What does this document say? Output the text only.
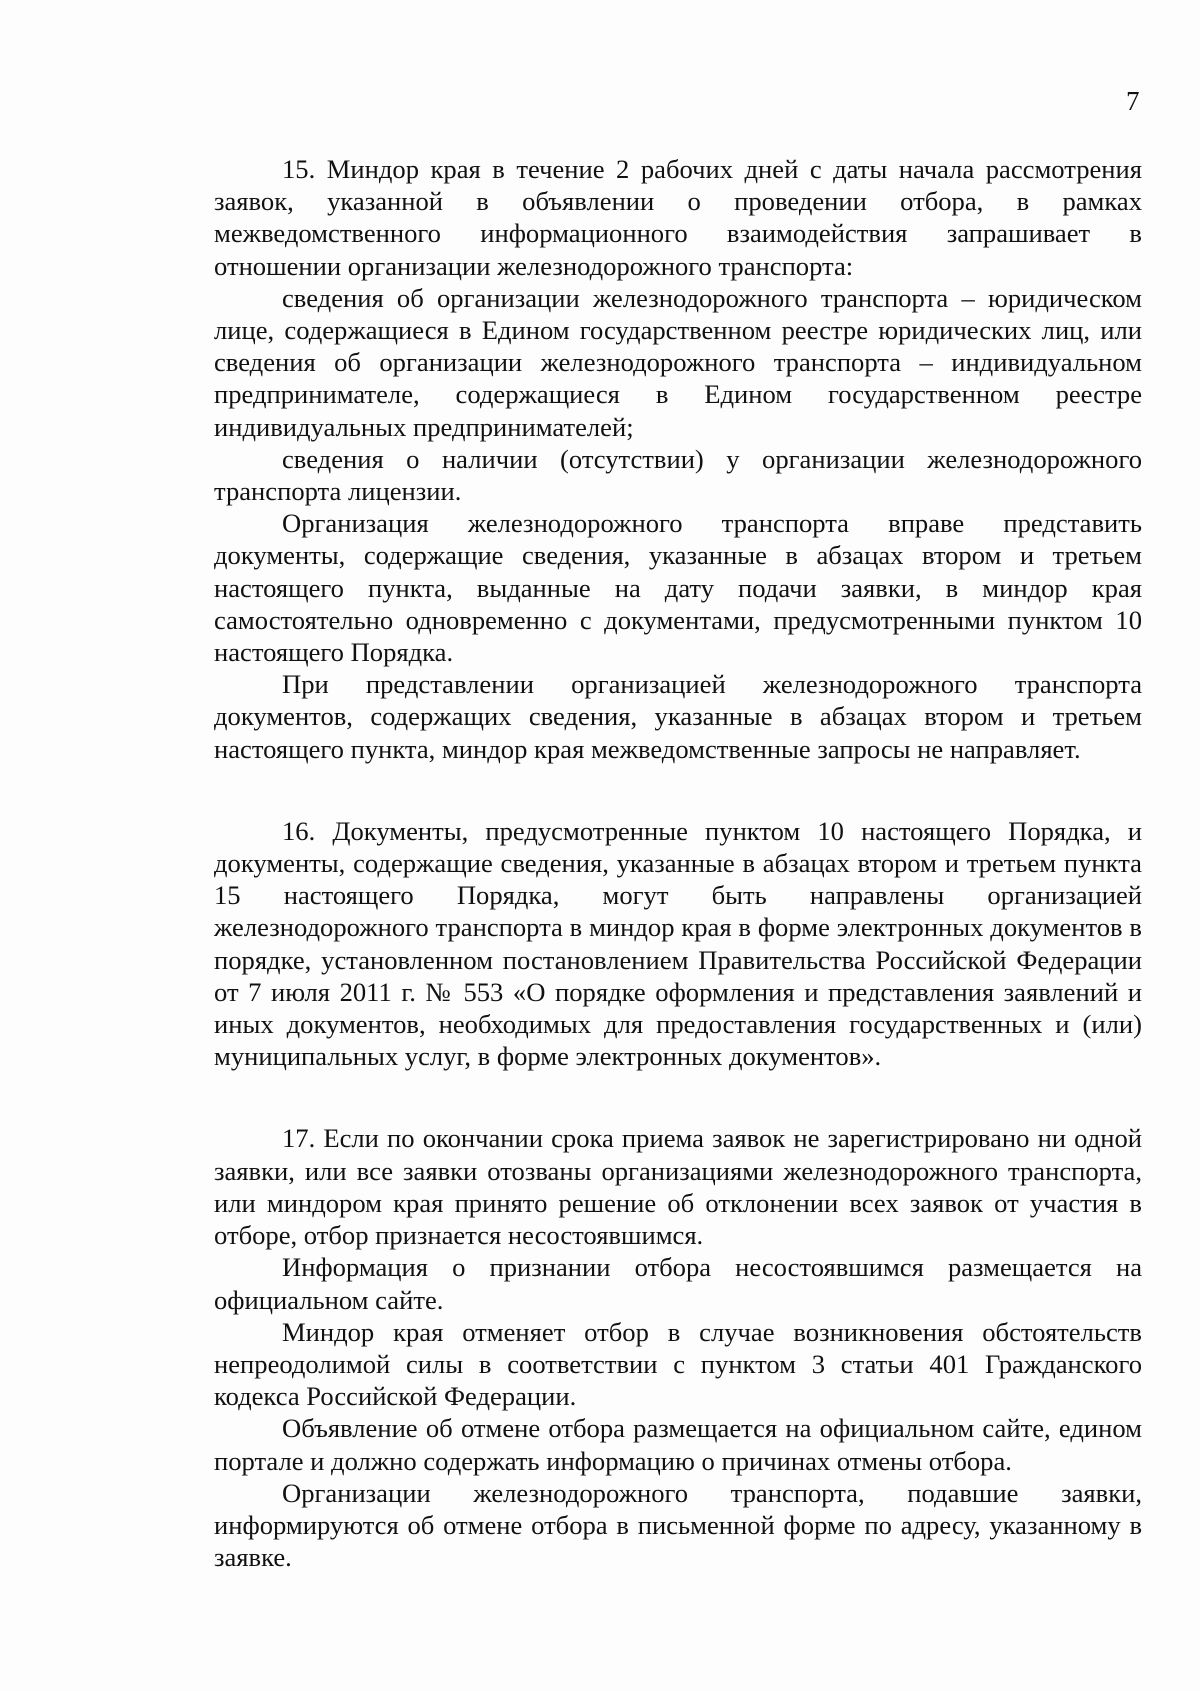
7

15. Миндор края в течение 2 рабочих дней с даты начала рассмотрения заявок, указанной в объявлении о проведении отбора, в рамках межведомственного информационного взаимодействия запрашивает в отношении организации железнодорожного транспорта:

сведения об организации железнодорожного транспорта – юридическом лице, содержащиеся в Едином государственном реестре юридических лиц, или сведения об организации железнодорожного транспорта – индивидуальном предпринимателе, содержащиеся в Едином государственном реестре индивидуальных предпринимателей;

сведения о наличии (отсутствии) у организации железнодорожного транспорта лицензии.

Организация железнодорожного транспорта вправе представить документы, содержащие сведения, указанные в абзацах втором и третьем настоящего пункта, выданные на дату подачи заявки, в миндор края самостоятельно одновременно с документами, предусмотренными пунктом 10 настоящего Порядка.

При представлении организацией железнодорожного транспорта документов, содержащих сведения, указанные в абзацах втором и третьем настоящего пункта, миндор края межведомственные запросы не направляет.

16. Документы, предусмотренные пунктом 10 настоящего Порядка, и документы, содержащие сведения, указанные в абзацах втором и третьем пункта 15 настоящего Порядка, могут быть направлены организацией железнодорожного транспорта в миндор края в форме электронных документов в порядке, установленном постановлением Правительства Российской Федерации от 7 июля 2011 г. № 553 «О порядке оформления и представления заявлений и иных документов, необходимых для предоставления государственных и (или) муниципальных услуг, в форме электронных документов».

17. Если по окончании срока приема заявок не зарегистрировано ни одной заявки, или все заявки отозваны организациями железнодорожного транспорта, или миндором края принято решение об отклонении всех заявок от участия в отборе, отбор признается несостоявшимся.

Информация о признании отбора несостоявшимся размещается на официальном сайте.

Миндор края отменяет отбор в случае возникновения обстоятельств непреодолимой силы в соответствии с пунктом 3 статьи 401 Гражданского кодекса Российской Федерации.

Объявление об отмене отбора размещается на официальном сайте, едином портале и должно содержать информацию о причинах отмены отбора.

Организации железнодорожного транспорта, подавшие заявки, информируются об отмене отбора в письменной форме по адресу, указанному в заявке.
